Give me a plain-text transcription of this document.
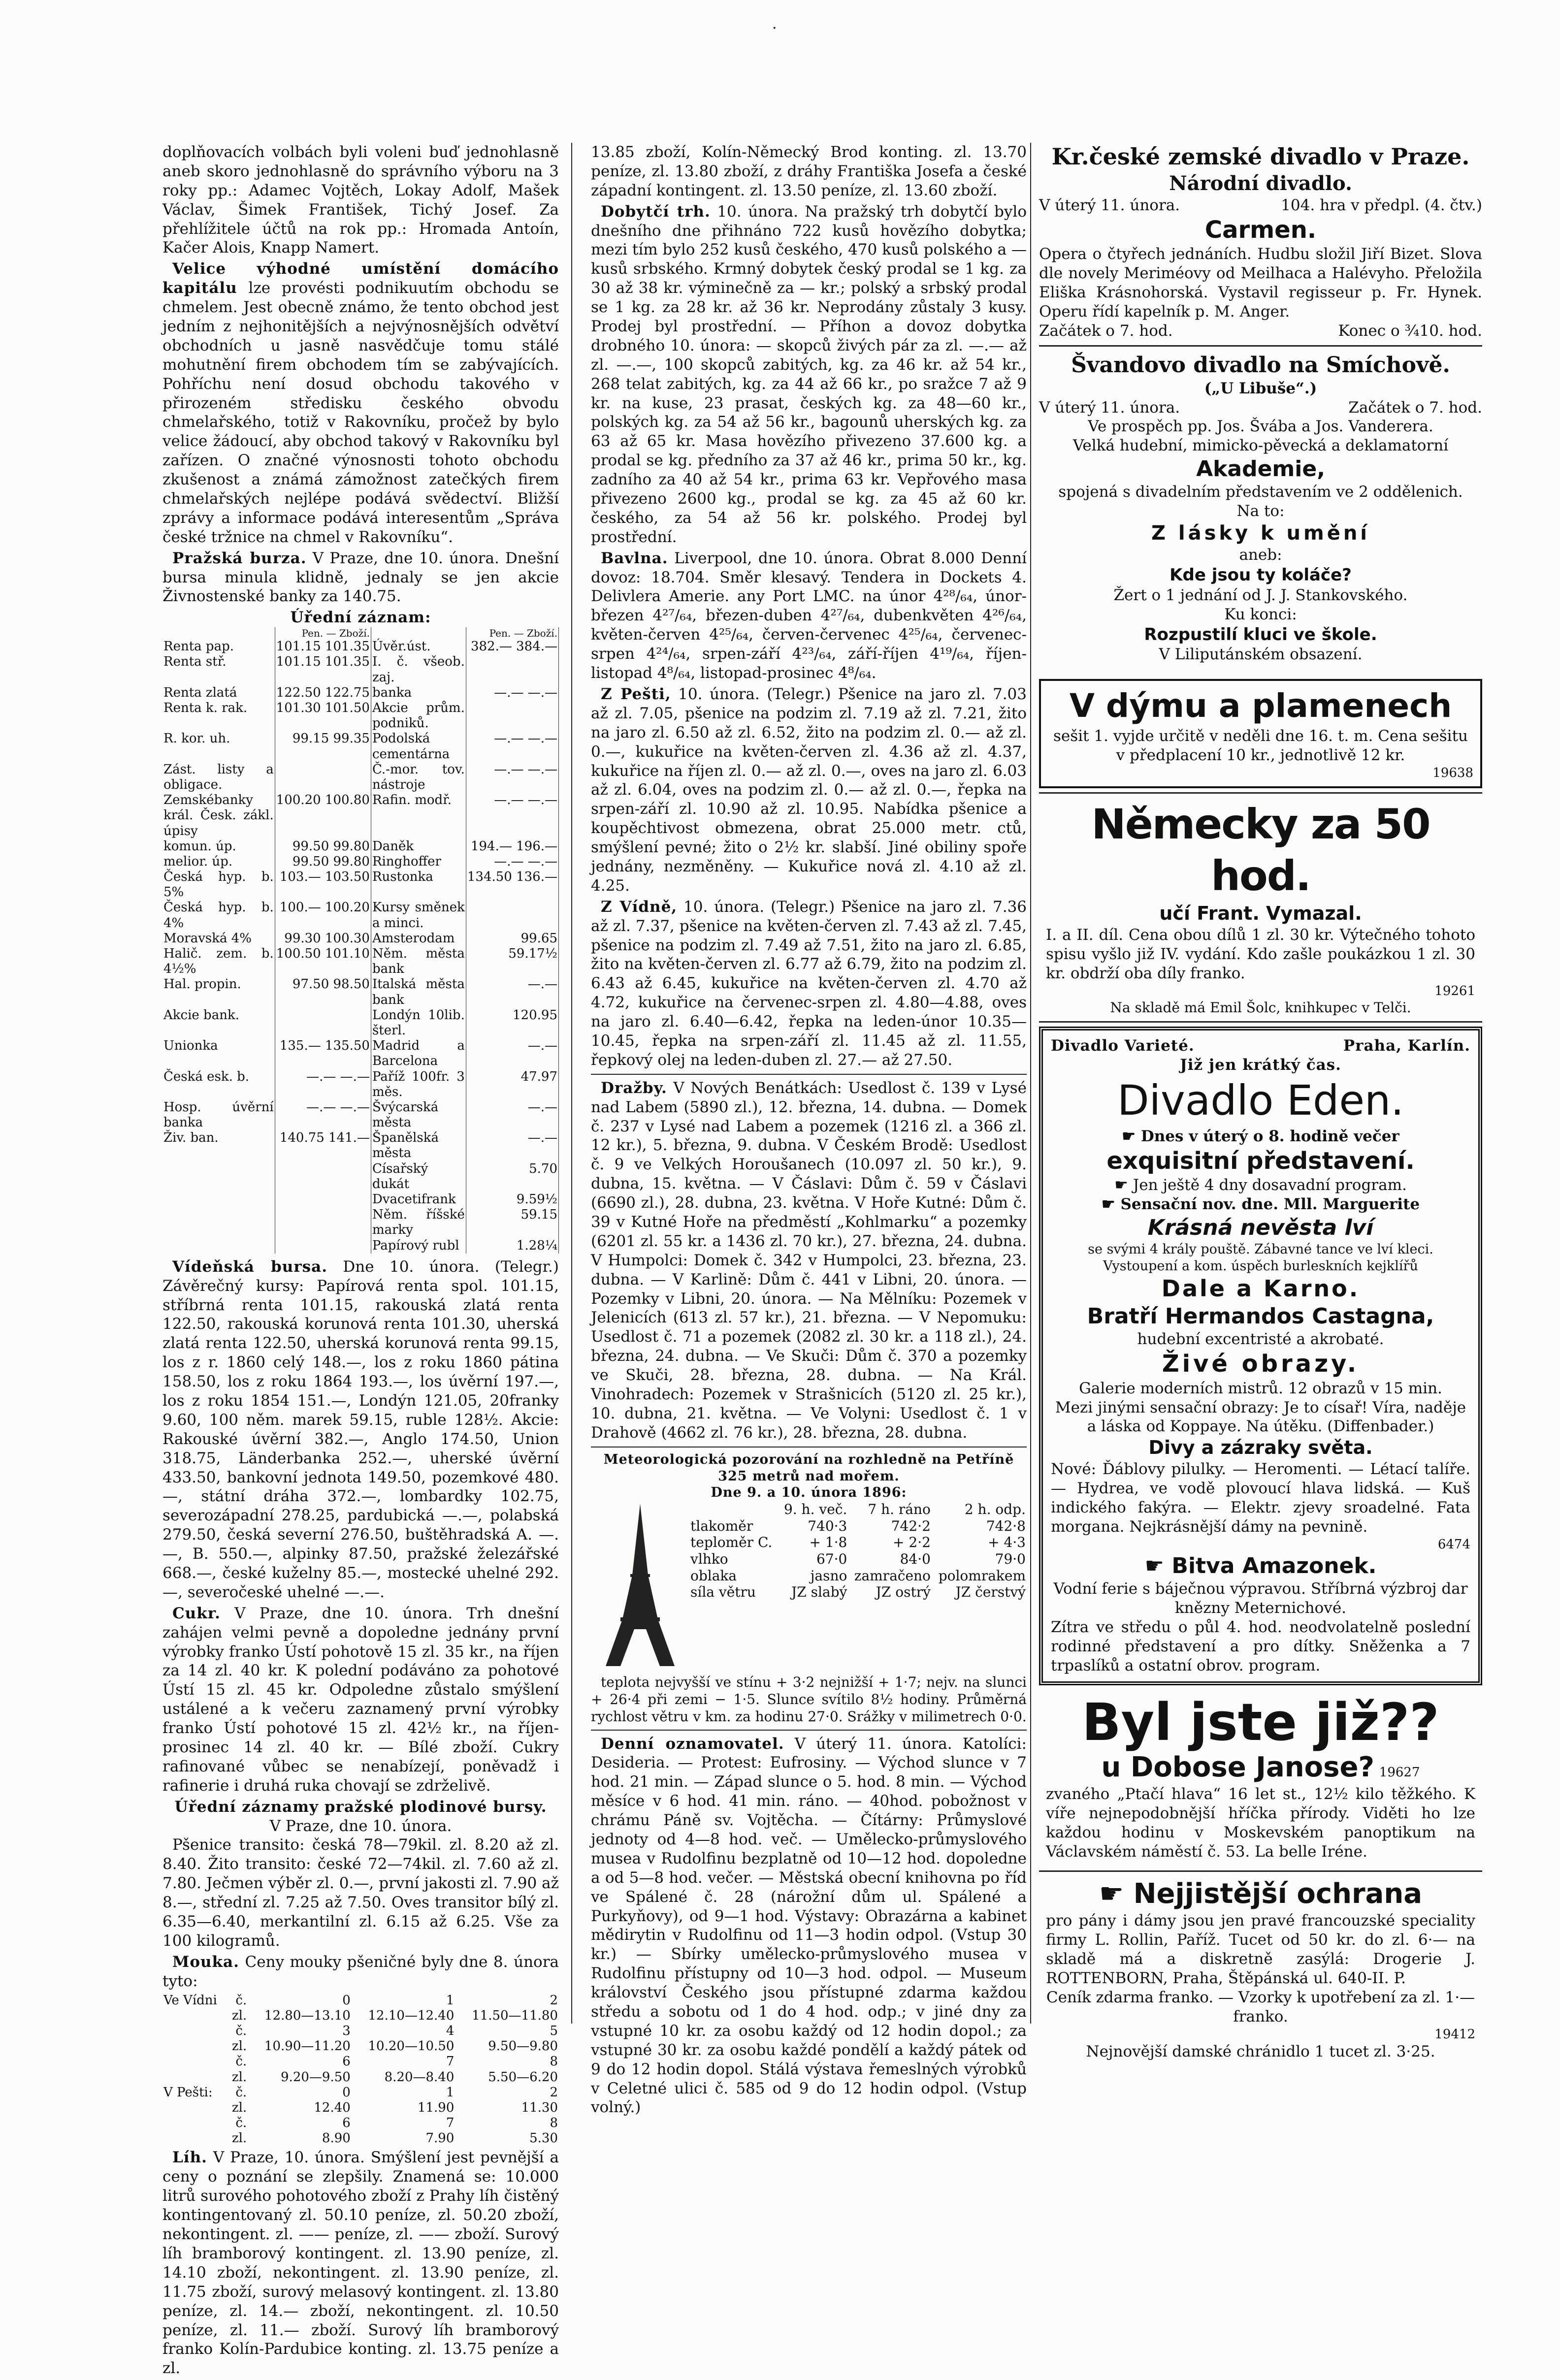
·

doplňovacích volbách byli voleni buď jednohlasně aneb skoro jednohlasně do správního výboru na 3 roky pp.: Adamec Vojtěch, Lokay Adolf, Mašek Václav, Šimek František, Tichý Josef. Za přehlížitele účtů na rok pp.: Hromada Antoín, Kačer Alois, Knapp Namert.

Velice výhodné umístění domácího kapitálu lze provésti podnikuutím obchodu se chmelem. Jest obecně známo, že tento obchod jest jedním z nejhonitějších a nejvýnosnějších odvětví obchodních u jasně nasvědčuje tomu stálé mohutnění firem obchodem tím se zabývajících. Pohříchu není dosud obchodu takového v přirozeném středisku českého obvodu chmelařského, totiž v Rakovníku, pročež by bylo velice žádoucí, aby obchod takový v Rakovníku byl zařízen. O značné výnosnosti tohoto obchodu zkušenost a známá zámožnost zatečkých firem chmelařských nejlépe podává svědectví. Bližší zprávy a informace podává interesentům „Správa české tržnice na chmel v Rakovníku“.

Pražská burza. V Praze, dne 10. února. Dnešní bursa minula klidně, jednaly se jen akcie Živnostenské banky za 140.75.

Úřední záznam:
	Pen. — Zboží.		Pen. — Zboží.
Renta pap.	101.15 101.35	Úvěr.úst.	382.— 384.—
Renta stř.	101.15 101.35	I. č. všeob. zaj.	
Renta zlatá	122.50 122.75	banka	—.— —.—
Renta k. rak.	101.30 101.50	Akcie prům. podniků.	
R. kor. uh.	99.15 99.35	Podolská cementárna	—.— —.—
Zást. listy a obligace.		Č.-mor. tov. nástroje	—.— —.—
Zemskébanky král. Česk. zákl. úpisy	100.20 100.80	Rafin. modř.	—.— —.—
komun. úp.	99.50 99.80	Daněk	194.— 196.—
melior. úp.	99.50 99.80	Ringhoffer	—.— —.—
Česká hyp. b. 5%	103.— 103.50	Rustonka	134.50 136.—
Česká hyp. b. 4%	100.— 100.20	Kursy směnek a minci.	
Moravská 4%	99.30 100.30	Amsterodam	99.65
Halič. zem. b. 4½%	100.50 101.10	Něm. města bank	59.17½
Hal. propin.	97.50 98.50	Italská města bank	—.—
Akcie bank.		Londýn 10lib. šterl.	120.95
Unionka	135.— 135.50	Madrid a Barcelona	—.—
Česká esk. b.	—.— —.—	Paříž 100fr. 3 měs.	47.97
Hosp. úvěrní banka	—.— —.—	Švýcarská města	—.—
Živ. ban.	140.75 141.—	Španělská města	—.—
		Císařský dukát	5.70
		Dvacetifrank	9.59½
		Něm. říšské marky	59.15
		Papírový rubl	1.28¼

Vídeňská bursa. Dne 10. února. (Telegr.) Závěrečný kursy: Papírová renta spol. 101.15, stříbrná renta 101.15, rakouská zlatá renta 122.50, rakouská korunová renta 101.30, uherská zlatá renta 122.50, uherská korunová renta 99.15, los z r. 1860 celý 148.—, los z roku 1860 pátina 158.50, los z roku 1864 193.—, los úvěrní 197.—, los z roku 1854 151.—, Londýn 121.05, 20franky 9.60, 100 něm. marek 59.15, ruble 128½. Akcie: Rakouské úvěrní 382.—, Anglo 174.50, Union 318.75, Länderbanka 252.—, uherské úvěrní 433.50, bankovní jednota 149.50, pozemkové 480.—, státní dráha 372.—, lombardky 102.75, severozápadní 278.25, pardubická —.—, polabská 279.50, česká severní 276.50, buštěhradská A. —.—, B. 550.—, alpinky 87.50, pražské železářské 668.—, české kuželny 85.—, mostecké uhelné 292.—, severočeské uhelné —.—.

Cukr. V Praze, dne 10. února. Trh dnešní zahájen velmi pevně a dopoledne jednány první výrobky franko Ústí pohotově 15 zl. 35 kr., na říjen za 14 zl. 40 kr. K polední podáváno za pohotové Ústí 15 zl. 45 kr. Odpoledne zůstalo smýšlení ustálené a k večeru zaznamený první výrobky franko Ústí pohotové 15 zl. 42½ kr., na říjen-prosinec 14 zl. 40 kr. — Bílé zboží. Cukry rafinované vůbec se nenabízejí, poněvadž i rafinerie i druhá ruka chovají se zdrželivě.

Úřední záznamy pražské plodinové bursy.
V Praze, dne 10. února.

Pšenice transito: česká 78—79kil. zl. 8.20 až zl. 8.40. Žito transito: české 72—74kil. zl. 7.60 až zl. 7.80. Ječmen výběr zl. 0.—, první jakosti zl. 7.90 až 8.—, střední zl. 7.25 až 7.50. Oves transitor bílý zl. 6.35—6.40, merkantilní zl. 6.15 až 6.25. Vše za 100 kilogramů.

Mouka. Ceny mouky pšeničné byly dne 8. února tyto:

Ve Vídni	č.	0	1	2
	zl.	12.80—13.10	12.10—12.40	11.50—11.80
	č.	3	4	5
	zl.	10.90—11.20	10.20—10.50	9.50—9.80
	č.	6	7	8
	zl.	9.20—9.50	8.20—8.40	5.50—6.20
V Pešti:	č.	0	1	2
	zl.	12.40	11.90	11.30
	č.	6	7	8
	zl.	8.90	7.90	5.30

Líh. V Praze, 10. února. Smýšlení jest pevnější a ceny o poznání se zlepšily. Znamená se: 10.000 litrů surového pohotového zboží z Prahy líh čistěný kontingentovaný zl. 50.10 peníze, zl. 50.20 zboží, nekontingent. zl. —— peníze, zl. —— zboží. Surový líh bramborový kontingent. zl. 13.90 peníze, zl. 14.10 zboží, nekontingent. zl. 13.90 peníze, zl. 11.75 zboží, surový melasový kontingent. zl. 13.80 peníze, zl. 14.— zboží, nekontingent. zl. 10.50 peníze, zl. 11.— zboží. Surový líh bramborový franko Kolín-Pardubice konting. zl. 13.75 peníze a zl.

13.85 zboží, Kolín-Německý Brod konting. zl. 13.70 peníze, zl. 13.80 zboží, z dráhy Františka Josefa a české západní kontingent. zl. 13.50 peníze, zl. 13.60 zboží.

Dobytčí trh. 10. února. Na pražský trh dobytčí bylo dnešního dne přihnáno 722 kusů hovězího dobytka; mezi tím bylo 252 kusů českého, 470 kusů polského a — kusů srbského. Krmný dobytek český prodal se 1 kg. za 30 až 38 kr. výminečně za — kr.; polský a srbský prodal se 1 kg. za 28 kr. až 36 kr. Neprodány zůstaly 3 kusy. Prodej byl prostřední. — Příhon a dovoz dobytka drobného 10. února: — skopců živých pár za zl. —.— až zl. —.—, 100 skopců zabitých, kg. za 46 kr. až 54 kr., 268 telat zabitých, kg. za 44 až 66 kr., po sražce 7 až 9 kr. na kuse, 23 prasat, českých kg. za 48—60 kr., polských kg. za 54 až 56 kr., bagounů uherských kg. za 63 až 65 kr. Masa hovězího přivezeno 37.600 kg. a prodal se kg. předního za 37 až 46 kr., prima 50 kr., kg. zadního za 40 až 54 kr., prima 63 kr. Vepřového masa přivezeno 2600 kg., prodal se kg. za 45 až 60 kr. českého, za 54 až 56 kr. polského. Prodej byl prostřední.

Bavlna. Liverpool, dne 10. února. Obrat 8.000 Denní dovoz: 18.704. Směr klesavý. Tendera in Dockets 4. Delivlera Amerie. any Port LMC. na únor 4²⁸/₆₄, únor-březen 4²⁷/₆₄, březen-duben 4²⁷/₆₄, dubenkvěten 4²⁶/₆₄, květen-červen 4²⁵/₆₄, červen-červenec 4²⁵/₆₄, červenec-srpen 4²⁴/₆₄, srpen-září 4²³/₆₄, září-říjen 4¹⁹/₆₄, říjen-listopad 4⁸/₆₄, listopad-prosinec 4⁸/₆₄.

Z Pešti, 10. února. (Telegr.) Pšenice na jaro zl. 7.03 až zl. 7.05, pšenice na podzim zl. 7.19 až zl. 7.21, žito na jaro zl. 6.50 až zl. 6.52, žito na podzim zl. 0.— až zl. 0.—, kukuřice na květen-červen zl. 4.36 až zl. 4.37, kukuřice na říjen zl. 0.— až zl. 0.—, oves na jaro zl. 6.03 až zl. 6.04, oves na podzim zl. 0.— až zl. 0.—, řepka na srpen-září zl. 10.90 až zl. 10.95. Nabídka pšenice a koupěchtivost obmezena, obrat 25.000 metr. ctů, smýšlení pevné; žito o 2½ kr. slabší. Jiné obiliny spoře jednány, nezměněny. — Kukuřice nová zl. 4.10 až zl. 4.25.

Z Vídně, 10. února. (Telegr.) Pšenice na jaro zl. 7.36 až zl. 7.37, pšenice na květen-červen zl. 7.43 až zl. 7.45, pšenice na podzim zl. 7.49 až 7.51, žito na jaro zl. 6.85, žito na květen-červen zl. 6.77 až 6.79, žito na podzim zl. 6.43 až 6.45, kukuřice na květen-červen zl. 4.70 až 4.72, kukuřice na červenec-srpen zl. 4.80—4.88, oves na jaro zl. 6.40—6.42, řepka na leden-únor 10.35—10.45, řepka na srpen-září zl. 11.45 až zl. 11.55, řepkový olej na leden-duben zl. 27.— až 27.50.

Dražby. V Nových Benátkách: Usedlost č. 139 v Lysé nad Labem (5890 zl.), 12. března, 14. dubna. — Domek č. 237 v Lysé nad Labem a pozemek (1216 zl. a 366 zl. 12 kr.), 5. března, 9. dubna. V Českém Brodě: Usedlost č. 9 ve Velkých Horoušanech (10.097 zl. 50 kr.), 9. dubna, 15. května. — V Čáslavi: Dům č. 59 v Čáslavi (6690 zl.), 28. dubna, 23. května. V Hoře Kutné: Dům č. 39 v Kutné Hoře na předměstí „Kohlmarku“ a pozemky (6201 zl. 55 kr. a 1436 zl. 70 kr.), 27. března, 24. dubna. V Humpolci: Domek č. 342 v Humpolci, 23. března, 23. dubna. — V Karlině: Dům č. 441 v Libni, 20. února. — Pozemky v Libni, 20. února. — Na Mělníku: Pozemek v Jelenicích (613 zl. 57 kr.), 21. března. — V Nepomuku: Usedlost č. 71 a pozemek (2082 zl. 30 kr. a 118 zl.), 24. března, 24. dubna. — Ve Skuči: Dům č. 370 a pozemky ve Skuči, 28. března, 28. dubna. — Na Král. Vinohradech: Pozemek v Strašnicích (5120 zl. 25 kr.), 10. dubna, 21. května. — Ve Volyni: Usedlost č. 1 v Drahově (4662 zl. 76 kr.), 28. března, 28. dubna.

Meteorologická pozorování na rozhledně na Petříně 325 metrů nad mořem.
Dne 9. a 10. února 1896:
	9. h. več.	7 h. ráno	2 h. odp.
tlakoměr	740·3	742·2	742·8
teploměr C.	+ 1·8	+ 2·2	+ 4·3
vlhko	67·0	84·0	79·0
oblaka	jasno	zamračeno	polomrakem
síla větru	JZ slabý	JZ ostrý	JZ čerstvý

teplota nejvyšší ve stínu + 3·2 nejnižší + 1·7; nejv. na slunci + 26·4 při zemi − 1·5. Slunce svítilo 8½ hodiny. Průměrná rychlost větru v km. za hodinu 27·0. Srážky v milimetrech 0·0.

Denní oznamovatel. V úterý 11. února. Katolíci: Desideria. — Protest: Eufrosiny. — Východ slunce v 7 hod. 21 min. — Západ slunce o 5. hod. 8 min. — Východ měsíce v 6 hod. 41 min. ráno. — 40hod. pobožnost v chrámu Páně sv. Vojtěcha. — Čítárny: Průmyslové jednoty od 4—8 hod. več. — Umělecko-průmyslového musea v Rudolfinu bezplatně od 10—12 hod. dopoledne a od 5—8 hod. večer. — Městská obecní knihovna po říd ve Spálené č. 28 (nárožní dům ul. Spálené a Purkyňovy), od 9—1 hod. Výstavy: Obrazárna a kabinet mědirytin v Rudolfinu od 11—3 hodin odpol. (Vstup 30 kr.) — Sbírky umělecko-průmyslového musea v Rudolfinu přístupny od 10—3 hod. odpol. — Museum království Českého jsou přístupné zdarma každou středu a sobotu od 1 do 4 hod. odp.; v jiné dny za vstupné 10 kr. za osobu každý od 12 hodin dopol.; za vstupné 30 kr. za osobu každé pondělí a každý pátek od 9 do 12 hodin dopol. Stálá výstava řemeslných výrobků v Celetné ulici č. 585 od 9 do 12 hodin odpol. (Vstup volný.)

Kr.české zemské divadlo v Praze.
Národní divadlo.
V úterý 11. února.	104. hra v předpl. (4. čtv.)
Carmen.
Opera o čtyřech jednáních. Hudbu složil Jiří Bizet. Slova dle novely Meriméovy od Meilhaca a Halévyho. Přeložila Eliška Krásnohorská. Vystavil regisseur p. Fr. Hynek. Operu řídí kapelník p. M. Anger.
Začátek o 7. hod.	Konec o ³⁄₄10. hod.
Švandovo divadlo na Smíchově.
(„U Libuše“.)
V úterý 11. února.	Začátek o 7. hod.
Ve prospěch pp. Jos. Švába a Jos. Vanderera.
Velká hudební, mimicko-pěvecká a deklamatorní
Akademie,
spojená s divadelním představením ve 2 oddělenich.
Na to:
Z lásky k umění
aneb:
Kde jsou ty koláče?
Žert o 1 jednání od J. J. Stankovského.
Ku konci:
Rozpustilí kluci ve škole.
V Liliputánském obsazení.
V dýmu a plamenech
sešit 1. vyjde určitě v neděli dne 16. t. m. Cena sešitu v předplacení 10 kr., jednotlivě 12 kr.
19638
Německy za 50 hod.
učí Frant. Vymazal.
I. a II. díl. Cena obou dílů 1 zl. 30 kr. Výtečného tohoto spisu vyšlo již IV. vydání. Kdo zašle poukázkou 1 zl. 30 kr. obdrží oba díly franko.
19261
Na skladě má Emil Šolc, knihkupec v Telči.
Divadlo Varieté.	Praha, Karlín.
Již jen krátký čas.
Divadlo Eden.
☛ Dnes v úterý o 8. hodině večer
exquisitní představení.
☛ Jen ještě 4 dny dosavadní program.
☛ Sensační nov. dne. Mll. Marguerite
Krásná nevěsta lví
se svými 4 krály pouště. Zábavné tance ve lví kleci.
Vystoupení a kom. úspěch burleskních kejklířů
Dale a Karno.
Bratří Hermandos Castagna,
hudební excentristé a akrobaté.
Živé obrazy.
Galerie moderních mistrů. 12 obrazů v 15 min.
Mezi jinými sensační obrazy: Je to císař! Víra, naděje a láska od Koppaye. Na útěku. (Diffenbader.)
Divy a zázraky světa.
Nové: Ďáblovy pilulky. — Heromenti. — Létací talíře. — Hydrea, ve vodě plovoucí hlava lidská. — Kuš indického fakýra. — Elektr. zjevy sroadelné. Fata morgana. Nejkrásnější dámy na pevnině.
6474
☛ Bitva Amazonek.
Vodní ferie s báječnou výpravou. Stříbrná výzbroj dar knězny Meternichové.
Zítra ve středu o půl 4. hod. neodvolatelně poslední rodinné představení a pro dítky. Sněženka a 7 trpaslíků a ostatní obrov. program.
Byl jste již??
u Dobose Janose? 19627
zvaného „Ptačí hlava“ 16 let st., 12½ kilo těžkého. K víře nejnepodobnější hříčka přírody. Viděti ho lze každou hodinu v Moskevském panoptikum na Václavském náměstí č. 53. La belle Iréne.
☛ Nejjistější ochrana
pro pány i dámy jsou jen pravé francouzské speciality firmy L. Rollin, Paříž. Tucet od 50 kr. do zl. 6·— na skladě má a diskretně zasýlá: Drogerie J. ROTTENBORN, Praha, Štěpánská ul. 640-II. P.
Ceník zdarma franko. — Vzorky k upotřebení za zl. 1·— franko.
19412
Nejnovější damské chránidlo 1 tucet zl. 3·25.
